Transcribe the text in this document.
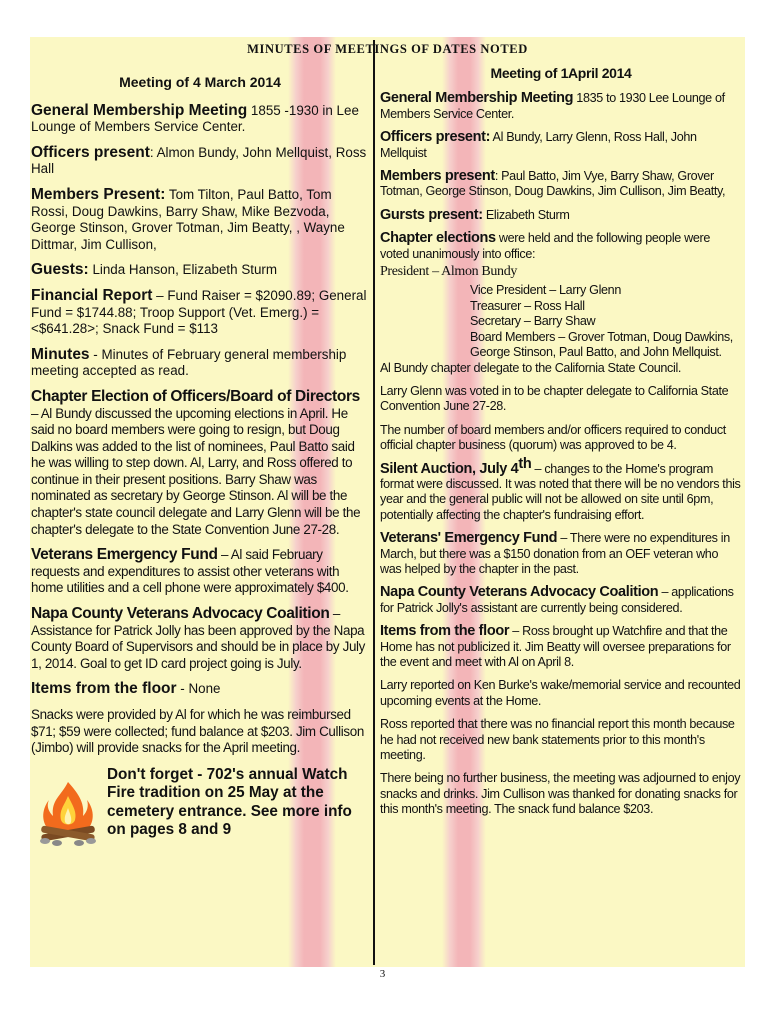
MINUTES OF MEETINGS OF DATES NOTED
Meeting of 4 March 2014

General Membership Meeting 1855 -1930 in Lee Lounge of Members Service Center.

Officers present: Almon Bundy, John Mellquist, Ross Hall

Members Present: Tom Tilton, Paul Batto, Tom Rossi, Doug Dawkins, Barry Shaw, Mike Bezvoda, George Stinson, Grover Totman, Jim Beatty, , Wayne Dittmar, Jim Cullison,

Guests: Linda Hanson, Elizabeth Sturm

Financial Report – Fund Raiser = $2090.89; General Fund = $1744.88; Troop Support (Vet. Emerg.) = <$641.28>; Snack Fund = $113

Minutes - Minutes of February general membership meeting accepted as read.

Chapter Election of Officers/Board of Directors – Al Bundy discussed the upcoming elections in April. He said no board members were going to resign, but Doug Dalkins was added to the list of nominees, Paul Batto said he was willing to step down. Al, Larry, and Ross offered to continue in their present positions. Barry Shaw was nominated as secretary by George Stinson. Al will be the chapter's state council delegate and Larry Glenn will be the chapter's delegate to the State Convention June 27-28.

Veterans Emergency Fund – Al said February requests and expenditures to assist other veterans with home utilities and a cell phone were approximately $400.

Napa County Veterans Advocacy Coalition – Assistance for Patrick Jolly has been approved by the Napa County Board of Supervisors and should be in place by July 1, 2014. Goal to get ID card project going is July.

Items from the floor - None

Snacks were provided by Al for which he was reimbursed $71; $59 were collected; fund balance at $203. Jim Cullison (Jimbo) will provide snacks for the April meeting.

Don't forget - 702's annual Watch Fire tradition on 25 May at the cemetery entrance. See more info on pages 8 and 9
Meeting of 1April 2014

General Membership Meeting 1835 to 1930 Lee Lounge of Members Service Center.

Officers present: Al Bundy, Larry Glenn, Ross Hall, John Mellquist

Members present: Paul Batto, Jim Vye, Barry Shaw, Grover Totman, George Stinson, Doug Dawkins, Jim Cullison, Jim Beatty,

Gursts present: Elizabeth Sturm

Chapter elections were held and the following people were voted unanimously into office:

President – Almon Bundy
Vice President – Larry Glenn
Treasurer – Ross Hall
Secretary – Barry Shaw
Board Members – Grover Totman, Doug Dawkins,
George Stinson, Paul Batto, and John Mellquist.

Al Bundy chapter delegate to the California State Council.

Larry Glenn was voted in to be chapter delegate to California State Convention June 27-28.

The number of board members and/or officers required to conduct official chapter business (quorum) was approved to be 4.

Silent Auction, July 4th – changes to the Home's program format were discussed. It was noted that there will be no vendors this year and the general public will not be allowed on site until 6pm, potentially affecting the chapter's fundraising effort.

Veterans' Emergency Fund – There were no expenditures in March, but there was a $150 donation from an OEF veteran who was helped by the chapter in the past.

Napa County Veterans Advocacy Coalition – applications for Patrick Jolly's assistant are currently being considered.

Items from the floor – Ross brought up Watchfire and that the Home has not publicized it. Jim Beatty will oversee preparations for the event and meet with Al on April 8.

Larry reported on Ken Burke's wake/memorial service and recounted upcoming events at the Home.

Ross reported that there was no financial report this month because he had not received new bank statements prior to this month's meeting.

There being no further business, the meeting was adjourned to enjoy snacks and drinks. Jim Cullison was thanked for donating snacks for this month's meeting. The snack fund balance $203.

3
